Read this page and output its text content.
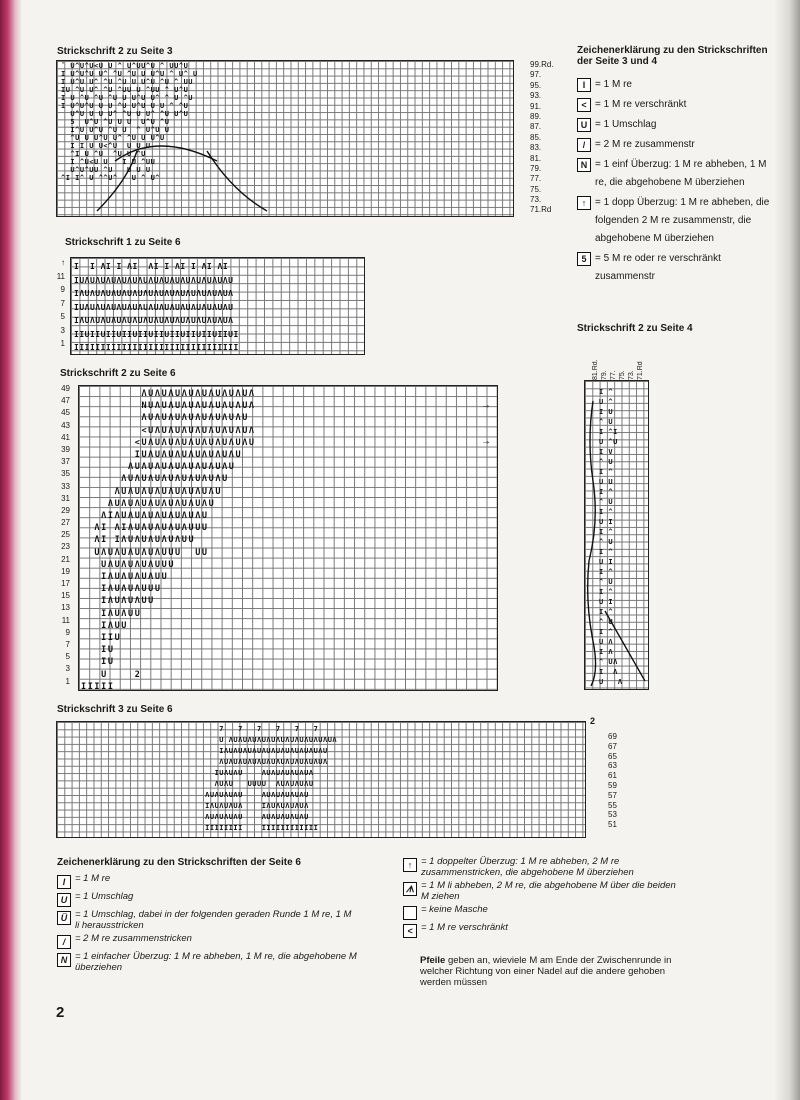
Strickschrift 2 zu Seite 3
ˇ U^U^U<U U ^ U^UU^U ^ UU^U
I U^U^U U^ ^U ^U U U^U ^ U^ U
I U^U U^ ^U ^U U U^U ^U ^ UU
IU ^U U^ ^U ^UU U ^UU ^ U^U
I U ^U ^U ^U U U^U U^ ^ U ^U
I U^U^U U U ^U U^U U U ^ ^U
U^U U U U^ ^U U U^ ^U U^U
5  U^U ^U U U  U^U ^U
I^U U^U ^U U  ^ U^U U
^U U U^U U^ ^U U U^U
I I U U<^U  U U U
^I U ^U  ^U U ^U
I ^U<U U   I U ^UU
U^U^UU ^U   U U U
^I I^ U ^^U^   U ^ U^
99.Rd.
97.
95.
93.
91.
89.
87.
85.
83.
81.
79.
77.
75.
73.
71.Rd
Zeichenerklärung zu den Strickschriften der Seite 3 und 4
I = 1 M re
< = 1 M re verschränkt
U = 1 Umschlag
/ = 2 M re zusammenstr
N = 1 einf Überzug: 1 M re abheben, 1 M re, die abgehobene M überziehen
↑ = 1 dopp Überzug: 1 M re abheben, die folgenden 2 M re zusammenstr, die abgehobene M überziehen
5 = 5 M re oder re verschränkt zusammenstr
Strickschrift 1 zu Seite 6
↑
11
9
7
5
3
1
I  I ΛI I ΛI  ΛI I ΛI I ΛI ΛI
IUΛUΛUΛUΛUΛUΛUΛUΛUΛUΛUΛUΛUΛUΛU
IΛUΛUΛUΛUΛUΛUΛUΛUΛUΛUΛUΛUΛUΛUΛ
IUΛUΛUΛUΛUΛUΛUΛUΛUΛUΛUΛUΛUΛUΛU
IΛUΛUΛUΛUΛUΛUΛUΛUΛUΛUΛUΛUΛUΛUΛ
IIUIIUIIUIIUIIUIIUIIUIIUIIUIIUI
IIIIIIIIIIIIIIIIIIIIIIIIIIIIIII
Strickschrift 2 zu Seite 6
49
47
45
43
41
39
37
35
33
31
29
27
25
23
21
19
17
15
13
11
9
7
5
3
1
ΛUΛUΛUΛUΛUΛUΛUΛUΛ
NUΛUΛUΛUΛUΛUΛUΛUΛ
ΛUΛUΛUΛUΛUΛUΛUΛU
<UΛUΛUΛUΛUΛUΛUΛUΛ
<UΛUΛUΛUΛUΛUΛUΛUΛU
IUΛUΛUΛUΛUΛUΛUΛU
ΛUΛUΛUΛUΛUΛUΛUΛU
ΛUΛUΛUΛUΛUΛUΛUΛU
ΛUΛUΛUΛUΛUΛUΛUΛU
ΛUΛUΛUΛUΛUΛUΛUΛU
ΛIΛUΛUΛUΛUΛUΛUΛU
ΛI ΛIΛUΛUΛUΛUΛUUU
ΛI IΛUΛUΛUΛUΛUU
UΛUΛUΛUΛUΛUUU  UU
UΛUΛUΛUΛUUU
IΛUΛUΛUΛUU
IΛUΛUΛUUU
IΛUΛUΛUU
IΛUΛUU
IΛUU
IIU
IU
IU
U    2
IIIII
→
→
Strickschrift 2 zu Seite 4
81.Rd. 79. 77. 75. 73. 71.Rd
I ^
U ^
I U
^ U
I ^I
U ^U
I V
^ U
I ^
U U
I ^
^ U
I ^
U I
I ^
^ U
I ^
U I
I ^
^ U
I ^
U I
I ^
^ U
I ^
U Λ
I Λ
^ UΛ
I  Λ
U   Λ
Strickschrift 3 zu Seite 6
7   7   7   7   7   7
U ΛUΛUΛUΛUΛUΛUΛUΛUΛUΛUΛUΛ
IΛUΛUΛUΛUΛUΛUΛUΛUΛUΛUΛU
ΛUΛUΛUΛUΛUΛUΛUΛUΛUΛUΛUΛ
IUΛUΛU    ΛUΛUΛUΛUΛUΛ
ΛUΛU   UUUU  ΛUΛUΛUΛU
ΛUΛUΛUΛU    ΛUΛUΛUΛUΛU
IΛUΛUΛUΛ    IΛUΛUΛUΛUΛ
ΛUΛUΛUΛU    ΛUΛUΛUΛUΛU
IIIIIIII    IIIIIIIIIIII
2
69
67
65
63
61
59
57
55
53
51
Zeichenerklärung zu den Strickschriften der Seite 6
I	= 1 M re
U = 1 Umschlag
Ü = 1 Umschlag, dabei in der folgenden geraden Runde 1 M re, 1 M li herausstricken
/	= 2 M re zusammenstricken
N = 1 einfacher Überzug: 1 M re abheben, 1 M re, die abgehobene M überziehen
↑ = 1 doppelter Überzug: 1 M re abheben, 2 M re zusammenstricken, die abgehobene M überziehen
ᗑ = 1 M li abheben, 2 M re, die abgehobene M über die beiden M ziehen
= keine Masche
< = 1 M re verschränkt
Pfeile geben an, wieviele M am Ende der Zwischenrunde in welcher Richtung von einer Nadel auf die andere gehoben werden müssen
2
